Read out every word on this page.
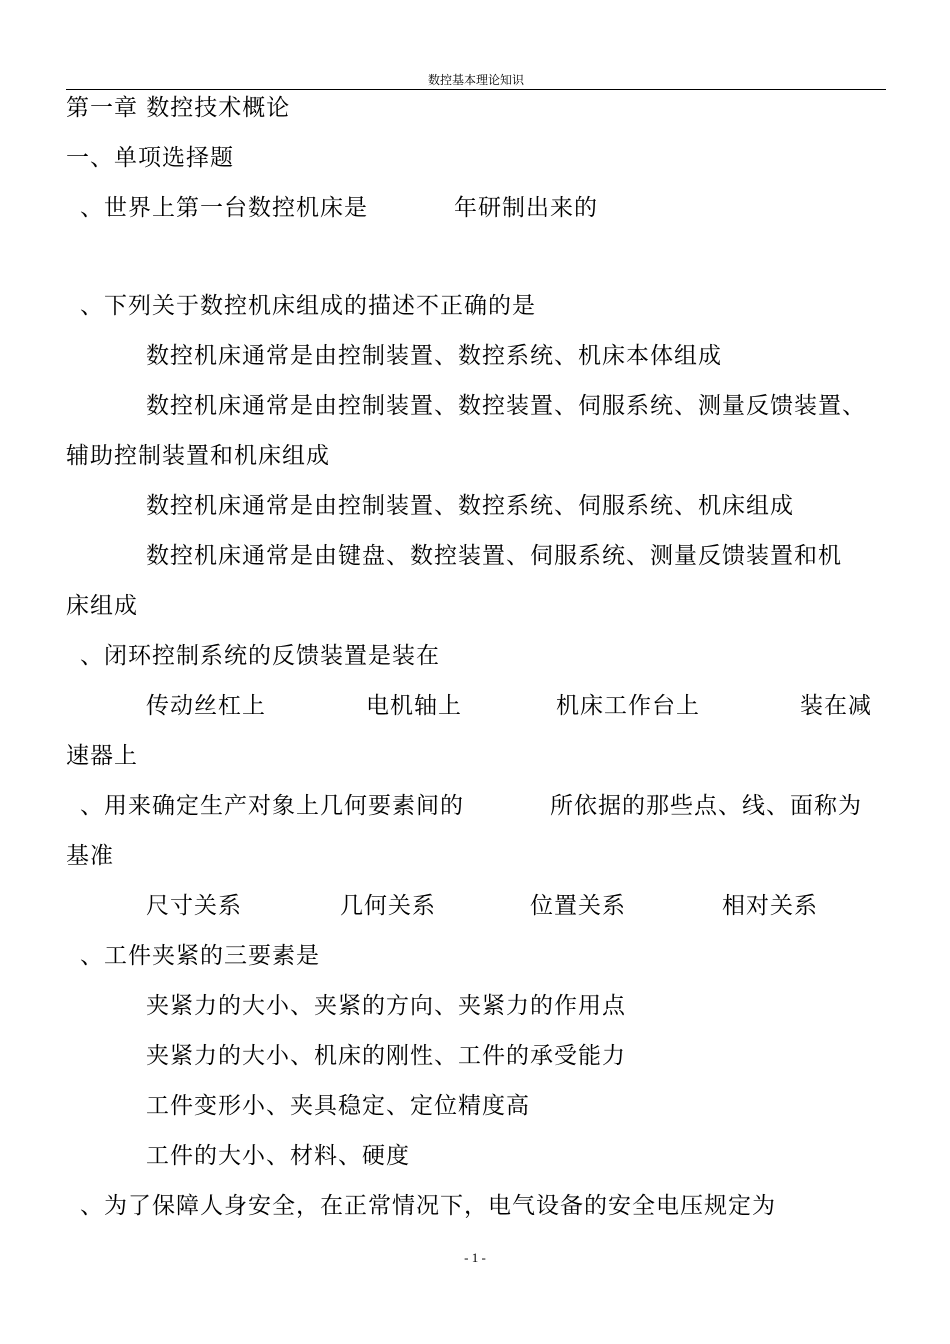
数控基本理论知识
第一章 数控技术概论
一、单项选择题
、世界上第一台数控机床是	年研制出来的
、下列关于数控机床组成的描述不正确的是
数控机床通常是由控制装置、数控系统、机床本体组成
数控机床通常是由控制装置、数控装置、伺服系统、测量反馈装置、
辅助控制装置和机床组成
数控机床通常是由控制装置、数控系统、伺服系统、机床组成
数控机床通常是由键盘、数控装置、伺服系统、测量反馈装置和机
床组成
、闭环控制系统的反馈装置是装在
传动丝杠上	电机轴上	机床工作台上	装在减
速器上
、用来确定生产对象上几何要素间的	所依据的那些点、线、面称为
基准
尺寸关系	几何关系	位置关系	相对关系
、工件夹紧的三要素是
夹紧力的大小、夹紧的方向、夹紧力的作用点
夹紧力的大小、机床的刚性、工件的承受能力
工件变形小、夹具稳定、定位精度高
工件的大小、材料、硬度
、为了保障人身安全，在正常情况下，电气设备的安全电压规定为
- 1 -
